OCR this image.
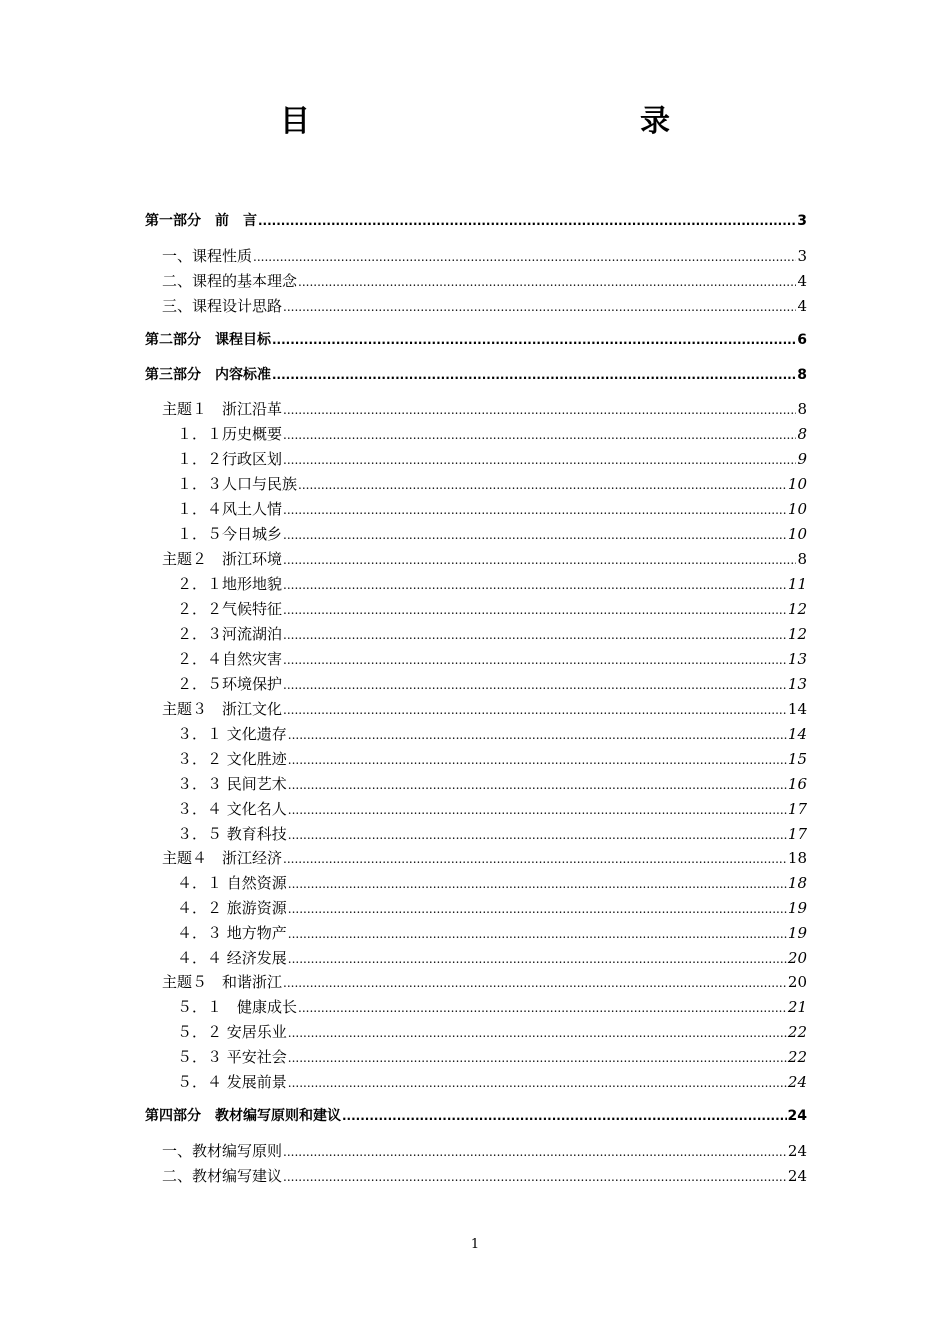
目　　录
第一部分　前　言 .....	3
一、课程性质 .....	3
二、课程的基本理念 .....	4
三、课程设计思路 .....	4
第二部分　课程目标 .....	6
第三部分　内容标准 .....	8
主题１　浙江沿革 .....	8
１．１历史概要 .....	8
１．２行政区划 .....	9
１．３人口与民族 .....	10
１．４风土人情 .....	10
１．５今日城乡 .....	10
主题２　浙江环境 .....	8
２．１地形地貌 .....	11
２．２气候特征 .....	12
２．３河流湖泊 .....	12
２．４自然灾害 .....	13
２．５环境保护 .....	13
主题３　浙江文化 .....	14
３．１ 文化遗存 .....	14
３．２ 文化胜迹 .....	15
３．３ 民间艺术 .....	16
３．４ 文化名人 .....	17
３．５ 教育科技 .....	17
主题４　浙江经济 .....	18
４．１ 自然资源 .....	18
４．２ 旅游资源 .....	19
４．３ 地方物产 .....	19
４．４ 经济发展 .....	20
主题５　和谐浙江 .....	20
５．１　健康成长 .....	21
５．２ 安居乐业 .....	22
５．３ 平安社会 .....	22
５．４ 发展前景 .....	24
第四部分　教材编写原则和建议 .....	24
一、教材编写原则 .....	24
二、教材编写建议 .....	24
1
